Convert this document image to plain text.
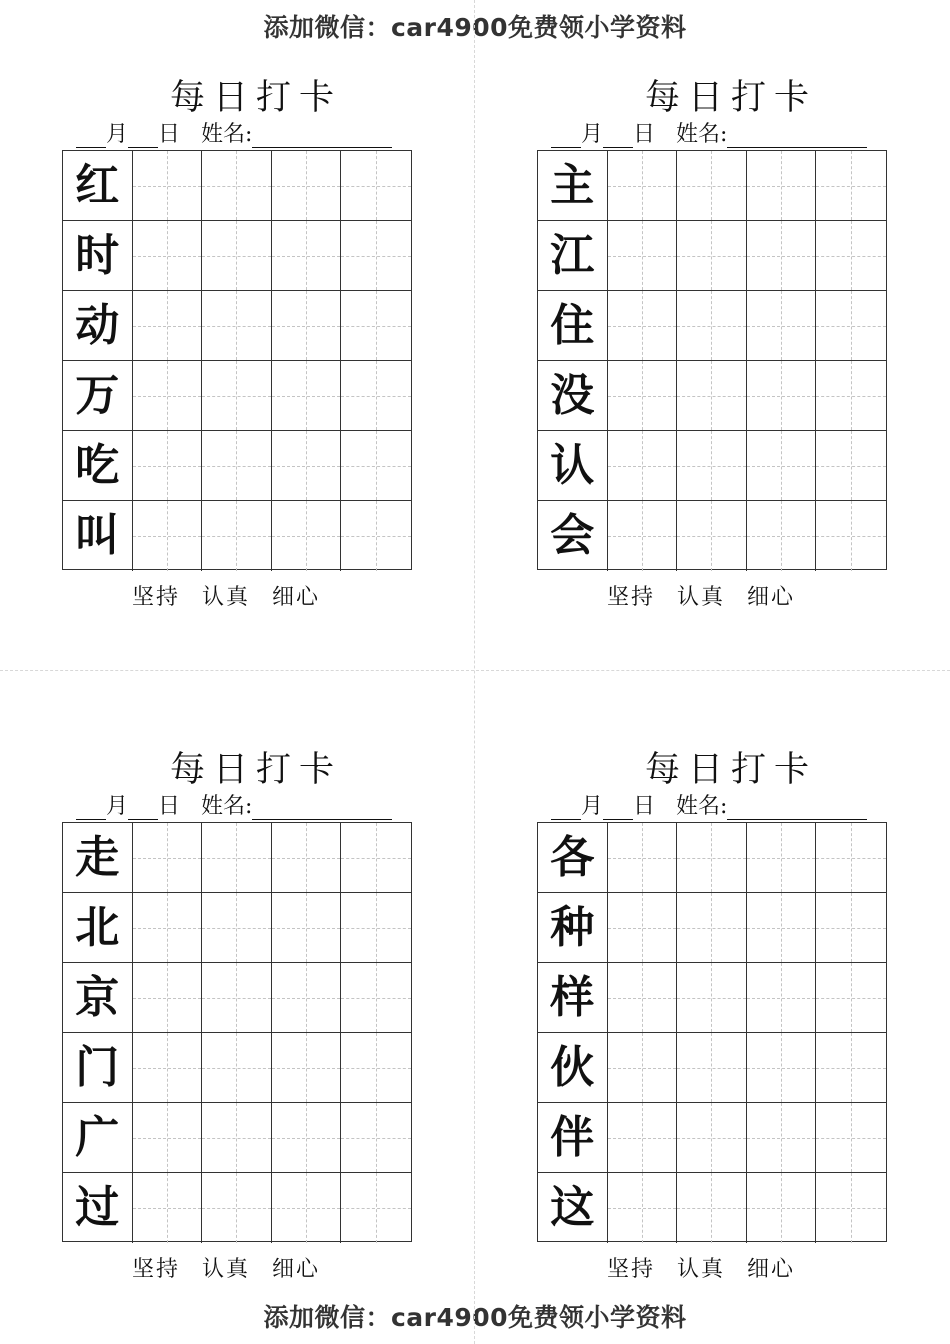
添加微信：car4900免费领小学资料
添加微信：car4900免费领小学资料
每日打卡
月 日 姓名:
红
时
动
万
吃
叫
坚持 认真 细心
每日打卡
月 日 姓名:
主
江
住
没
认
会
坚持 认真 细心
每日打卡
月 日 姓名:
走
北
京
门
广
过
坚持 认真 细心
每日打卡
月 日 姓名:
各
种
样
伙
伴
这
坚持 认真 细心
